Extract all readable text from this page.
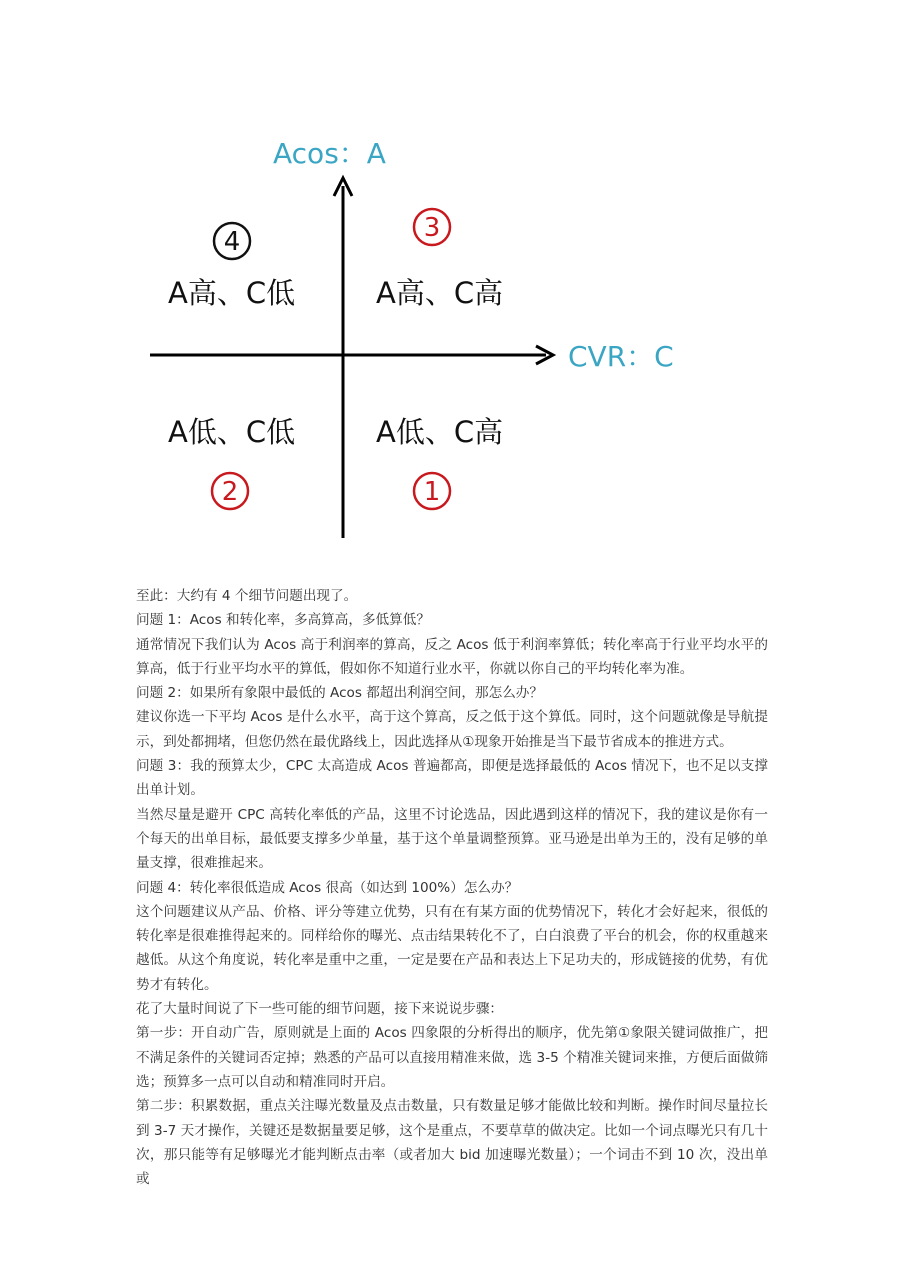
Acos：A
CVR：C
4
A高、C低
3
A高、C高
A低、C低
2
A低、C高
1

至此：大约有 4 个细节问题出现了。

问题 1：Acos 和转化率，多高算高，多低算低？

通常情况下我们认为 Acos 高于利润率的算高，反之 Acos 低于利润率算低；转化率高于行业平均水平的算高，低于行业平均水平的算低，假如你不知道行业水平，你就以你自己的平均转化率为准。

问题 2：如果所有象限中最低的 Acos 都超出利润空间，那怎么办？

建议你选一下平均 Acos 是什么水平，高于这个算高，反之低于这个算低。同时，这个问题就像是导航提示，到处都拥堵，但您仍然在最优路线上，因此选择从①现象开始推是当下最节省成本的推进方式。

问题 3：我的预算太少，CPC 太高造成 Acos 普遍都高，即便是选择最低的 Acos 情况下，也不足以支撑出单计划。

当然尽量是避开 CPC 高转化率低的产品，这里不讨论选品，因此遇到这样的情况下，我的建议是你有一个每天的出单目标，最低要支撑多少单量，基于这个单量调整预算。亚马逊是出单为王的，没有足够的单量支撑，很难推起来。

问题 4：转化率很低造成 Acos 很高（如达到 100%）怎么办？

这个问题建议从产品、价格、评分等建立优势，只有在有某方面的优势情况下，转化才会好起来，很低的转化率是很难推得起来的。同样给你的曝光、点击结果转化不了，白白浪费了平台的机会，你的权重越来越低。从这个角度说，转化率是重中之重，一定是要在产品和表达上下足功夫的，形成链接的优势，有优势才有转化。

花了大量时间说了下一些可能的细节问题，接下来说说步骤：

第一步：开自动广告，原则就是上面的 Acos 四象限的分析得出的顺序，优先第①象限关键词做推广，把不满足条件的关键词否定掉；熟悉的产品可以直接用精准来做，选 3-5 个精准关键词来推，方便后面做筛选；预算多一点可以自动和精准同时开启。

第二步：积累数据，重点关注曝光数量及点击数量，只有数量足够才能做比较和判断。操作时间尽量拉长到 3-7 天才操作，关键还是数据量要足够，这个是重点，不要草草的做决定。比如一个词点曝光只有几十次，那只能等有足够曝光才能判断点击率（或者加大 bid 加速曝光数量）；一个词击不到 10 次，没出单或
